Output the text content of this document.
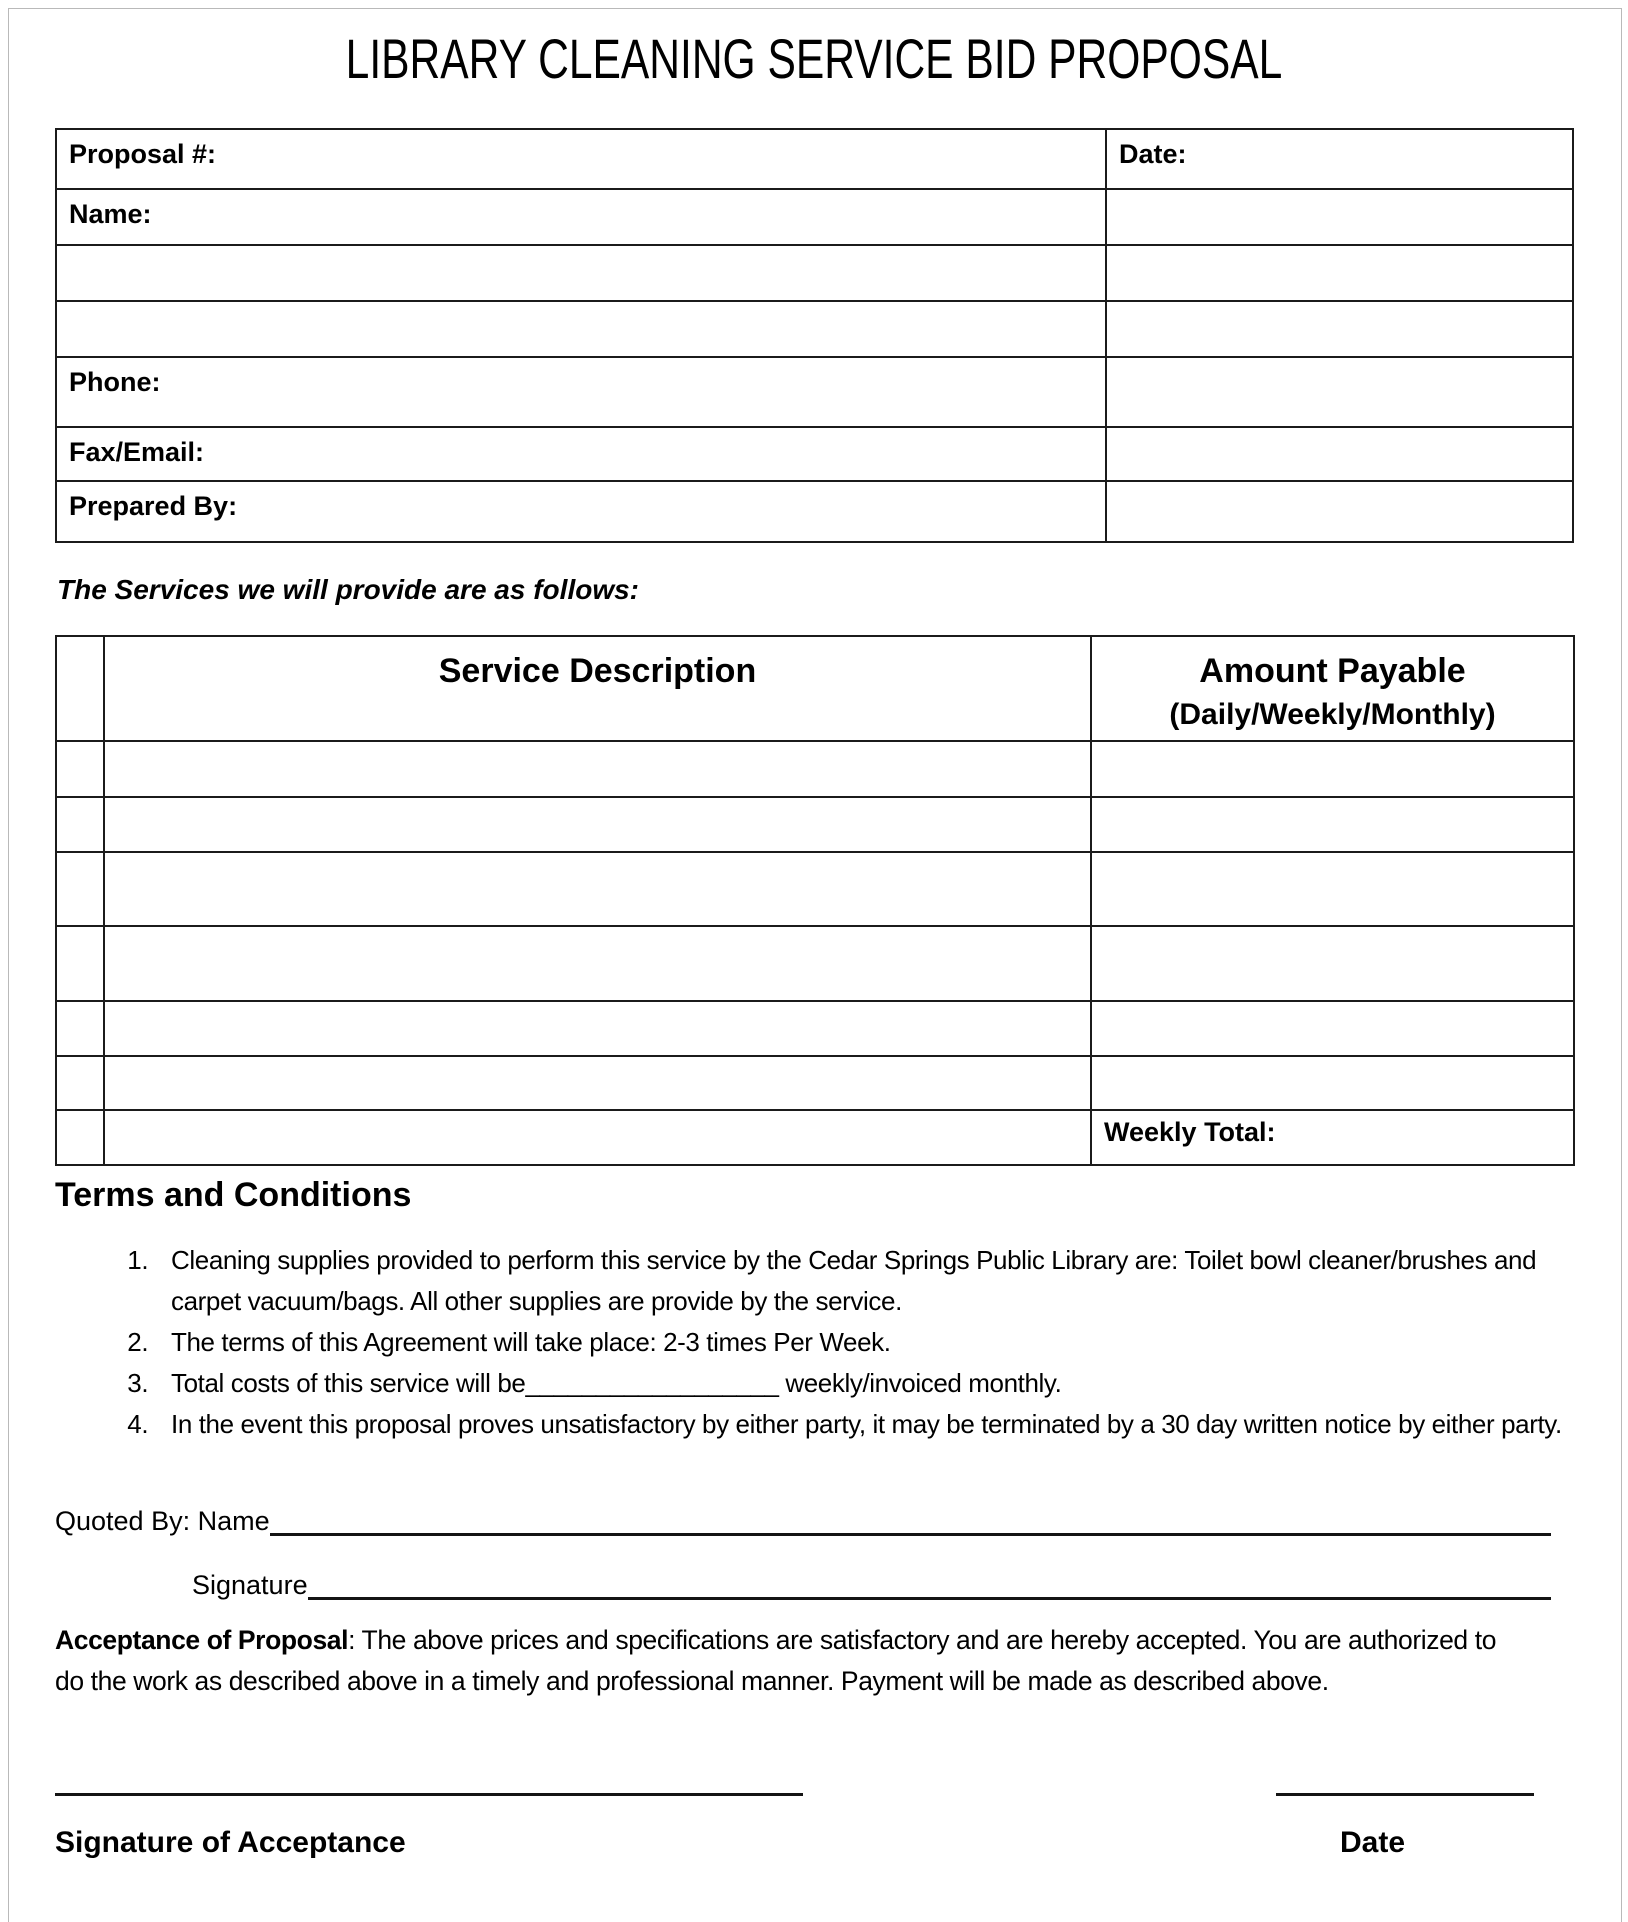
LIBRARY CLEANING SERVICE BID PROPOSAL
Proposal #:	Date:
Name:	

Phone:	
Fax/Email:	
Prepared By:	

The Services we will provide are as follows:

	Service Description	Amount Payable
(Daily/Weekly/Monthly)

		Weekly Total:
Terms and Conditions
1. Cleaning supplies provided to perform this service by the Cedar Springs Public Library are: Toilet bowl cleaner/brushes and carpet vacuum/bags. All other supplies are provide by the service.
2. The terms of this Agreement will take place: 2-3 times Per Week.
3. Total costs of this service will be__________________ weekly/invoiced monthly.
4. In the event this proposal proves unsatisfactory by either party, it may be terminated by a 30 day written notice by either party.
Quoted By: Name
Signature

Acceptance of Proposal: The above prices and specifications are satisfactory and are hereby accepted. You are authorized to do the work as described above in a timely and professional manner. Payment will be made as described above.

Signature of Acceptance	Date
